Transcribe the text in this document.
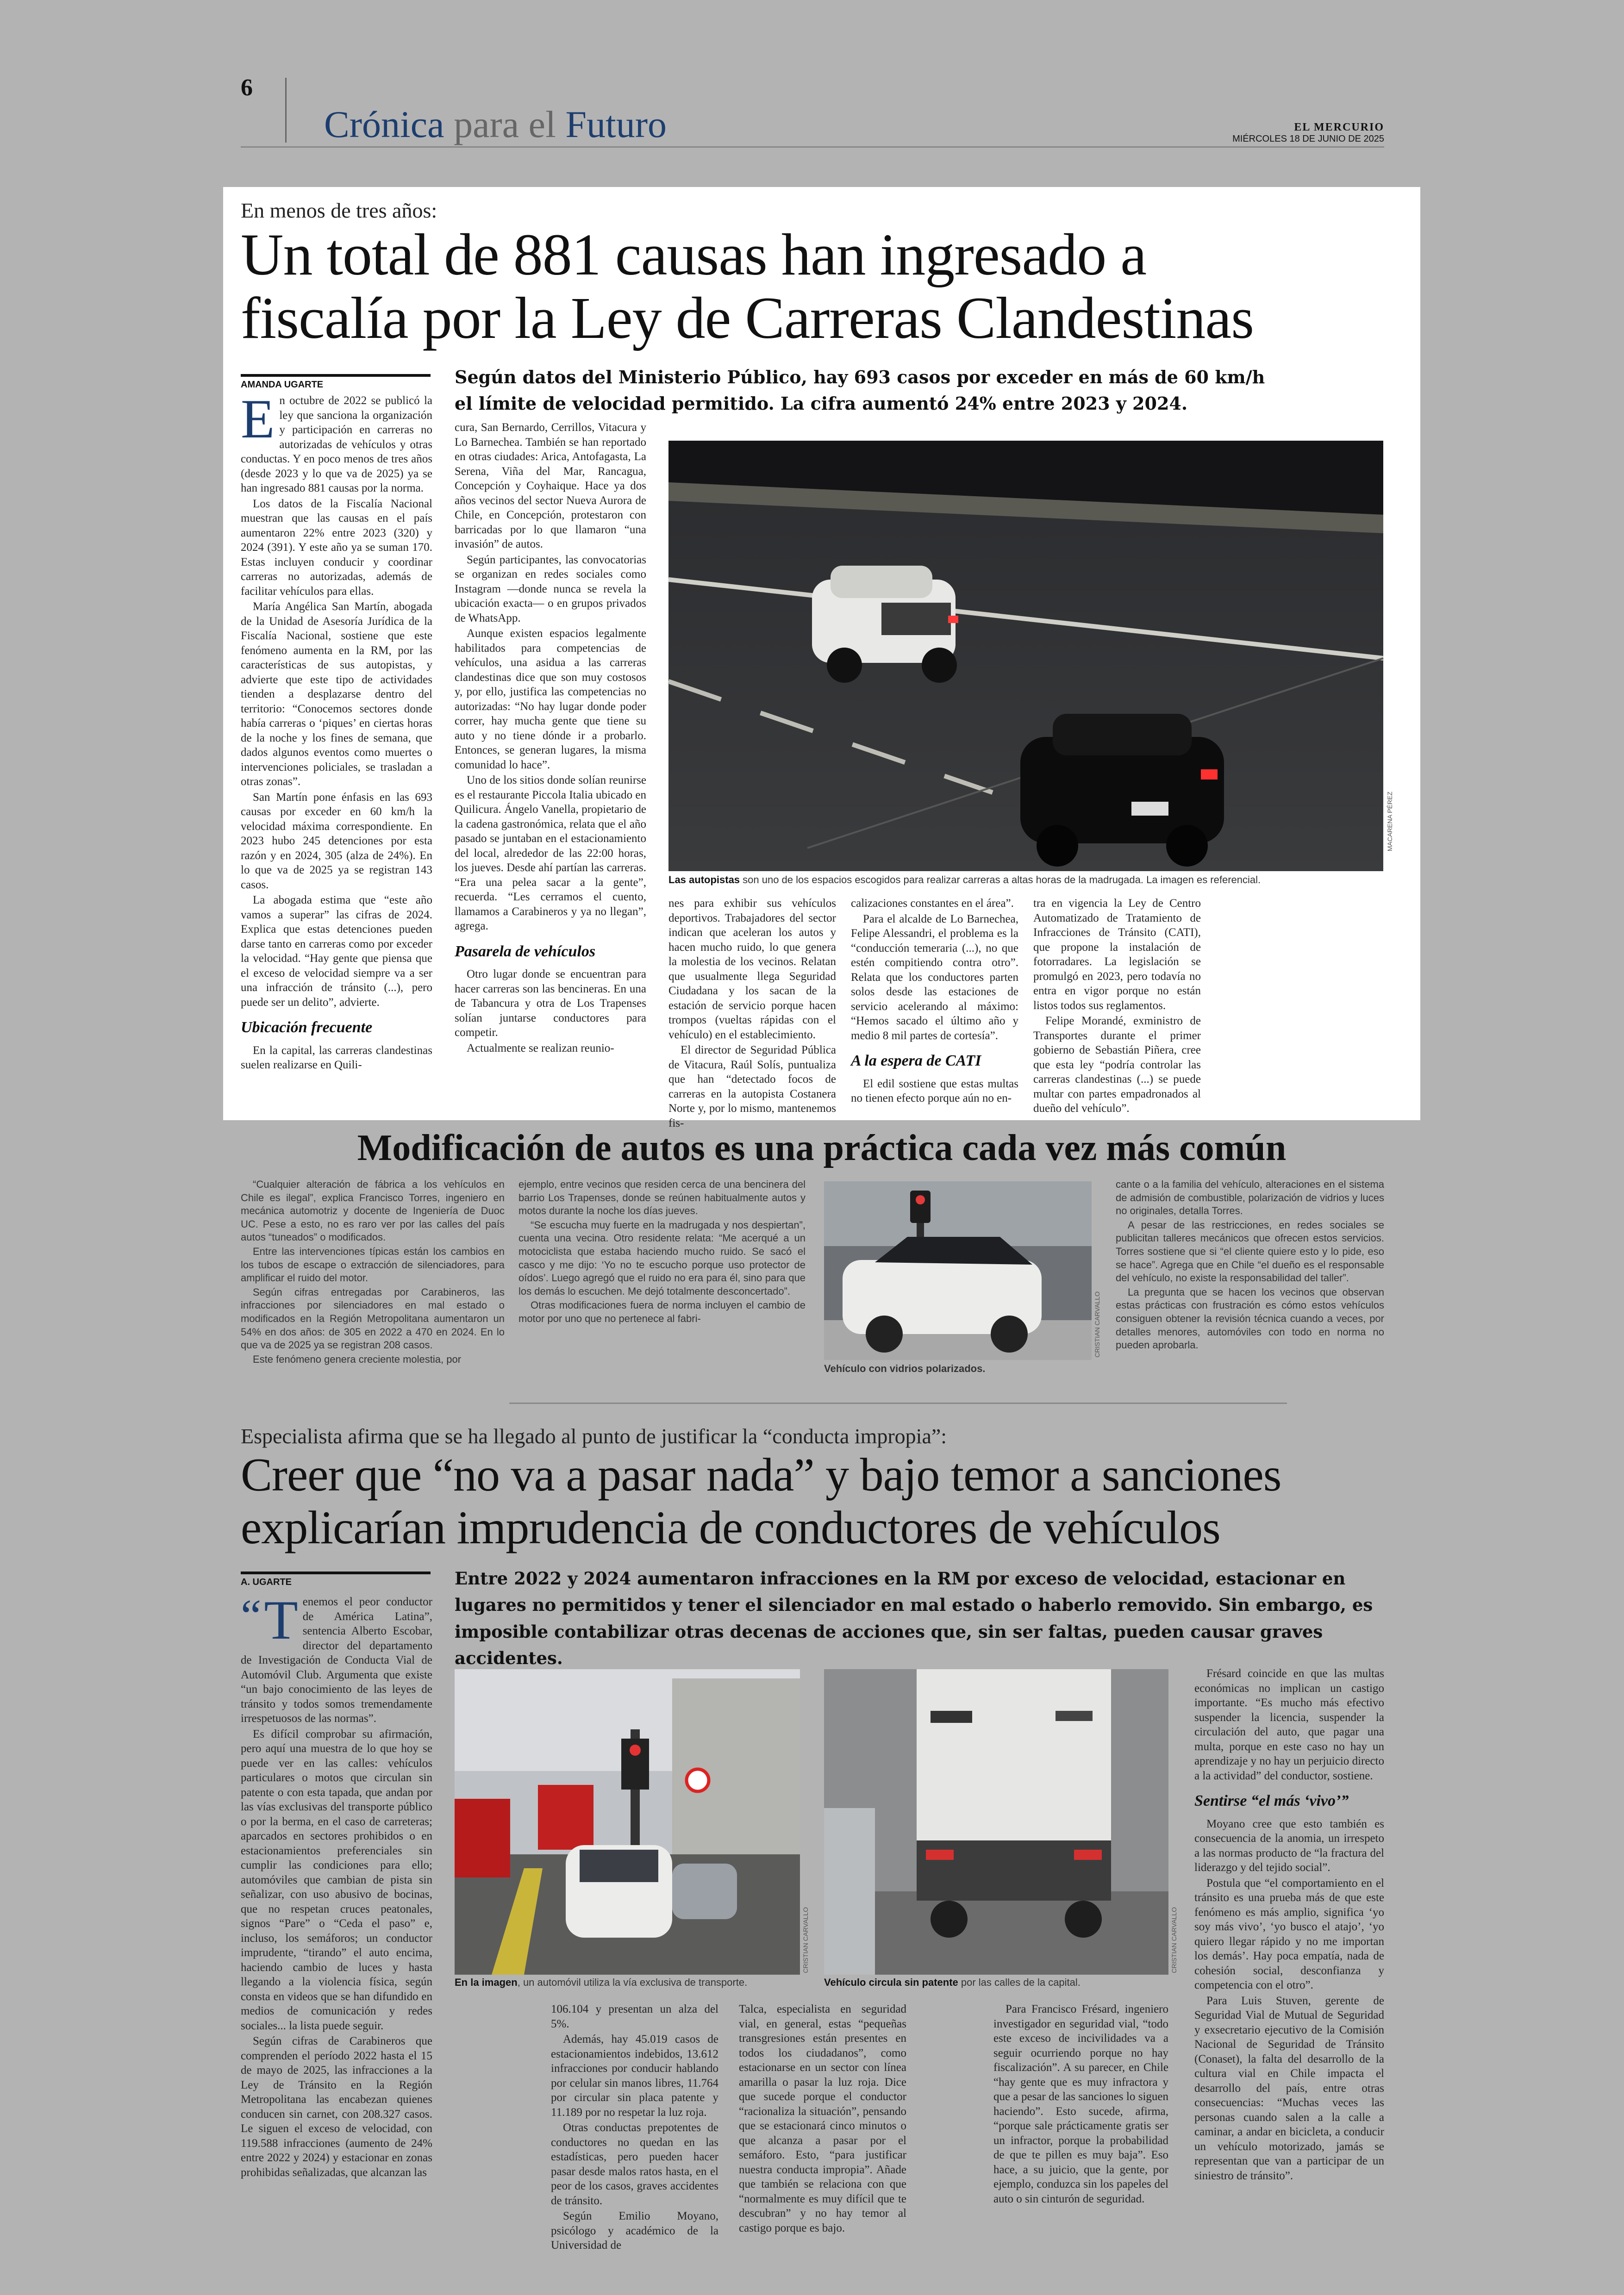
6
Crónica para el Futuro	EL MERCURIO
MIÉRCOLES 18 DE JUNIO DE 2025
En menos de tres años:
Un total de 881 causas han ingresado a
fiscalía por la Ley de Carreras Clandestinas
AMANDA UGARTE	Según datos del Ministerio Público, hay 693 casos por exceder en más de 60 km/h el límite de velocidad permitido. La cifra aumentó 24% entre 2023 y 2024.

En octubre de 2022 se publicó la ley que sanciona la organización y participación en carreras no autorizadas de vehículos y otras conductas. Y en poco menos de tres años (desde 2023 y lo que va de 2025) ya se han ingresado 881 causas por la norma.

Los datos de la Fiscalía Nacional muestran que las causas en el país aumentaron 22% entre 2023 (320) y 2024 (391). Y este año ya se suman 170. Estas incluyen conducir y coordinar carreras no autorizadas, además de facilitar vehículos para ellas.

María Angélica San Martín, abogada de la Unidad de Asesoría Jurídica de la Fiscalía Nacional, sostiene que este fenómeno aumenta en la RM, por las características de sus autopistas, y advierte que este tipo de actividades tienden a desplazarse dentro del territorio: “Conocemos sectores donde había carreras o ‘piques’ en ciertas horas de la noche y los fines de semana, que dados algunos eventos como muertes o intervenciones policiales, se trasladan a otras zonas”.

San Martín pone énfasis en las 693 causas por exceder en 60 km/h la velocidad máxima correspondiente. En 2023 hubo 245 detenciones por esta razón y en 2024, 305 (alza de 24%). En lo que va de 2025 ya se registran 143 casos.

La abogada estima que “este año vamos a superar” las cifras de 2024. Explica que estas detenciones pueden darse tanto en carreras como por exceder la velocidad. “Hay gente que piensa que el exceso de velocidad siempre va a ser una infracción de tránsito (...), pero puede ser un delito”, advierte.

Ubicación frecuente

En la capital, las carreras clandestinas suelen realizarse en Quili-

cura, San Bernardo, Cerrillos, Vitacura y Lo Barnechea. También se han reportado en otras ciudades: Arica, Antofagasta, La Serena, Viña del Mar, Rancagua, Concepción y Coyhaique. Hace ya dos años vecinos del sector Nueva Aurora de Chile, en Concepción, protestaron con barricadas por lo que llamaron “una invasión” de autos.

Según participantes, las convocatorias se organizan en redes sociales como Instagram —donde nunca se revela la ubicación exacta— o en grupos privados de WhatsApp.

Aunque existen espacios legalmente habilitados para competencias de vehículos, una asidua a las carreras clandestinas dice que son muy costosos y, por ello, justifica las competencias no autorizadas: “No hay lugar donde poder correr, hay mucha gente que tiene su auto y no tiene dónde ir a probarlo. Entonces, se generan lugares, la misma comunidad lo hace”.

Uno de los sitios donde solían reunirse es el restaurante Piccola Italia ubicado en Quilicura. Ángelo Vanella, propietario de la cadena gastronómica, relata que el año pasado se juntaban en el estacionamiento del local, alrededor de las 22:00 horas, los jueves. Desde ahí partían las carreras. “Era una pelea sacar a la gente”, recuerda. “Les cerramos el cuento, llamamos a Carabineros y ya no llegan”, agrega.

Pasarela de vehículos

Otro lugar donde se encuentran para hacer carreras son las bencineras. En una de Tabancura y otra de Los Trapenses solían juntarse conductores para competir.

Actualmente se realizan reunio-

MACARENA PÉREZ
Las autopistas son uno de los espacios escogidos para realizar carreras a altas horas de la madrugada. La imagen es referencial.

nes para exhibir sus vehículos deportivos. Trabajadores del sector indican que aceleran los autos y hacen mucho ruido, lo que genera la molestia de los vecinos. Relatan que usualmente llega Seguridad Ciudadana y los sacan de la estación de servicio porque hacen trompos (vueltas rápidas con el vehículo) en el establecimiento.

El director de Seguridad Pública de Vitacura, Raúl Solís, puntualiza que han “detectado focos de carreras en la autopista Costanera Norte y, por lo mismo, mantenemos fis-

calizaciones constantes en el área”.

Para el alcalde de Lo Barnechea, Felipe Alessandri, el problema es la “conducción temeraria (...), no que estén compitiendo contra otro”. Relata que los conductores parten solos desde las estaciones de servicio acelerando al máximo: “Hemos sacado el último año y medio 8 mil partes de cortesía”.

A la espera de CATI

El edil sostiene que estas multas no tienen efecto porque aún no en-

tra en vigencia la Ley de Centro Automatizado de Tratamiento de Infracciones de Tránsito (CATI), que propone la instalación de fotorradares. La legislación se promulgó en 2023, pero todavía no entra en vigor porque no están listos todos sus reglamentos.

Felipe Morandé, exministro de Transportes durante el primer gobierno de Sebastián Piñera, cree que esta ley “podría controlar las carreras clandestinas (...) se puede multar con partes empadronados al dueño del vehículo”.

Modificación de autos es una práctica cada vez más común

“Cualquier alteración de fábrica a los vehículos en Chile es ilegal”, explica Francisco Torres, ingeniero en mecánica automotriz y docente de Ingeniería de Duoc UC. Pese a esto, no es raro ver por las calles del país autos “tuneados” o modificados.

Entre las intervenciones típicas están los cambios en los tubos de escape o extracción de silenciadores, para amplificar el ruido del motor.

Según cifras entregadas por Carabineros, las infracciones por silenciadores en mal estado o modificados en la Región Metropolitana aumentaron un 54% en dos años: de 305 en 2022 a 470 en 2024. En lo que va de 2025 ya se registran 208 casos.

Este fenómeno genera creciente molestia, por

ejemplo, entre vecinos que residen cerca de una bencinera del barrio Los Trapenses, donde se reúnen habitualmente autos y motos durante la noche los días jueves.

“Se escucha muy fuerte en la madrugada y nos despiertan”, cuenta una vecina. Otro residente relata: “Me acerqué a un motociclista que estaba haciendo mucho ruido. Se sacó el casco y me dijo: ‘Yo no te escucho porque uso protector de oídos’. Luego agregó que el ruido no era para él, sino para que los demás lo escuchen. Me dejó totalmente desconcertado”.

Otras modificaciones fuera de norma incluyen el cambio de motor por uno que no pertenece al fabri-	CRISTIAN CARVALLO
Vehículo con vidrios polarizados.

cante o a la familia del vehículo, alteraciones en el sistema de admisión de combustible, polarización de vidrios y luces no originales, detalla Torres.

A pesar de las restricciones, en redes sociales se publicitan talleres mecánicos que ofrecen estos servicios. Torres sostiene que si “el cliente quiere esto y lo pide, eso se hace”. Agrega que en Chile “el dueño es el responsable del vehículo, no existe la responsabilidad del taller”.

La pregunta que se hacen los vecinos que observan estas prácticas con frustración es cómo estos vehículos consiguen obtener la revisión técnica cuando a veces, por detalles menores, automóviles con todo en norma no pueden aprobarla.

Especialista afirma que se ha llegado al punto de justificar la “conducta impropia”:
Creer que “no va a pasar nada” y bajo temor a sanciones
explicarían imprudencia de conductores de vehículos
A. UGARTE	Entre 2022 y 2024 aumentaron infracciones en la RM por exceso de velocidad, estacionar en lugares no permitidos y tener el silenciador en mal estado o haberlo removido. Sin embargo, es imposible contabilizar otras decenas de acciones que, sin ser faltas, pueden causar graves accidentes.

“ T enemos el peor conductor de América Latina”, sentencia Alberto Escobar, director del departamento de Investigación de Conducta Vial de Automóvil Club. Argumenta que existe “un bajo conocimiento de las leyes de tránsito y todos somos tremendamente irrespetuosos de las normas”.

Es difícil comprobar su afirmación, pero aquí una muestra de lo que hoy se puede ver en las calles: vehículos particulares o motos que circulan sin patente o con esta tapada, que andan por las vías exclusivas del transporte público o por la berma, en el caso de carreteras; aparcados en sectores prohibidos o en estacionamientos preferenciales sin cumplir las condiciones para ello; automóviles que cambian de pista sin señalizar, con uso abusivo de bocinas, que no respetan cruces peatonales, signos “Pare” o “Ceda el paso” e, incluso, los semáforos; un conductor imprudente, “tirando” el auto encima, haciendo cambio de luces y hasta llegando a la violencia física, según consta en videos que se han difundido en medios de comunicación y redes sociales... la lista puede seguir.

Según cifras de Carabineros que comprenden el período 2022 hasta el 15 de mayo de 2025, las infracciones a la Ley de Tránsito en la Región Metropolitana las encabezan quienes conducen sin carnet, con 208.327 casos. Le siguen el exceso de velocidad, con 119.588 infracciones (aumento de 24% entre 2022 y 2024) y estacionar en zonas prohibidas señalizadas, que alcanzan las

CRISTIAN CARVALLO
En la imagen, un automóvil utiliza la vía exclusiva de transporte.
CRISTIAN CARVALLO
Vehículo circula sin patente por las calles de la capital.

106.104 y presentan un alza del 5%.

Además, hay 45.019 casos de estacionamientos indebidos, 13.612 infracciones por conducir hablando por celular sin manos libres, 11.764 por circular sin placa patente y 11.189 por no respetar la luz roja.

Otras conductas prepotentes de conductores no quedan en las estadísticas, pero pueden hacer pasar desde malos ratos hasta, en el peor de los casos, graves accidentes de tránsito.

Según Emilio Moyano, psicólogo y académico de la Universidad de

Talca, especialista en seguridad vial, en general, estas “pequeñas transgresiones están presentes en todos los ciudadanos”, como estacionarse en un sector con línea amarilla o pasar la luz roja. Dice que sucede porque el conductor “racionaliza la situación”, pensando que se estacionará cinco minutos o que alcanza a pasar por el semáforo. Esto, “para justificar nuestra conducta impropia”. Añade que también se relaciona con que “normalmente es muy difícil que te descubran” y no hay temor al castigo porque es bajo.

Para Francisco Frésard, ingeniero investigador en seguridad vial, “todo este exceso de incivilidades va a seguir ocurriendo porque no hay fiscalización”. A su parecer, en Chile “hay gente que es muy infractora y que a pesar de las sanciones lo siguen haciendo”. Esto sucede, afirma, “porque sale prácticamente gratis ser un infractor, porque la probabilidad de que te pillen es muy baja”. Eso hace, a su juicio, que la gente, por ejemplo, conduzca sin los papeles del auto o sin cinturón de seguridad.

Frésard coincide en que las multas económicas no implican un castigo importante. “Es mucho más efectivo suspender la licencia, suspender la circulación del auto, que pagar una multa, porque en este caso no hay un aprendizaje y no hay un perjuicio directo a la actividad” del conductor, sostiene.

Sentirse “el más ‘vivo’”

Moyano cree que esto también es consecuencia de la anomia, un irrespeto a las normas producto de “la fractura del liderazgo y del tejido social”.

Postula que “el comportamiento en el tránsito es una prueba más de que este fenómeno es más amplio, significa ‘yo soy más vivo’, ‘yo busco el atajo’, ‘yo quiero llegar rápido y no me importan los demás’. Hay poca empatía, nada de cohesión social, desconfianza y competencia con el otro”.

Para Luis Stuven, gerente de Seguridad Vial de Mutual de Seguridad y exsecretario ejecutivo de la Comisión Nacional de Seguridad de Tránsito (Conaset), la falta del desarrollo de la cultura vial en Chile impacta el desarrollo del país, entre otras consecuencias: “Muchas veces las personas cuando salen a la calle a caminar, a andar en bicicleta, a conducir un vehículo motorizado, jamás se representan que van a participar de un siniestro de tránsito”.
